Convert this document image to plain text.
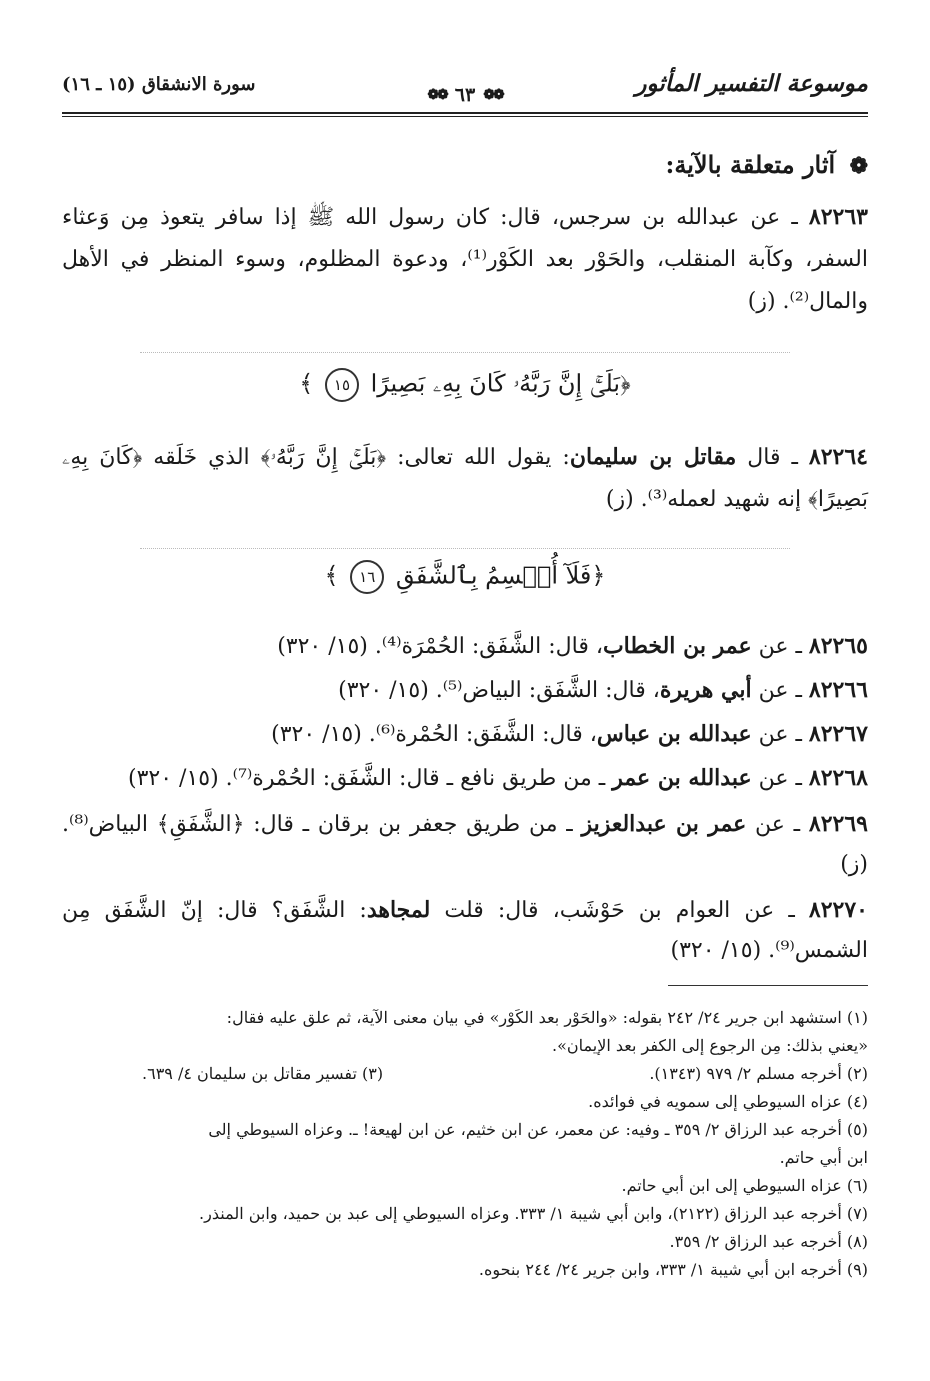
موسوعة التفسير المأثور
❁❁
٦٣
❁❁
سورة الانشقاق (١٥ ـ ١٦)
❁ آثار متعلقة بالآية:
٨٢٢٦٣ ـ عن عبدالله بن سرجس، قال: كان رسول الله ﷺ إذا سافر يتعوذ مِن وَعثاء السفر، وكآبة المنقلب، والحَوْر بعد الكَوْر⁽¹⁾، ودعوة المظلوم، وسوء المنظر في الأهل والمال⁽²⁾. (ز)
﴿بَلَىٰٓۚ إِنَّ رَبَّهُۥ كَانَ بِهِۦ بَصِيرًا ١٥ ﴾
٨٢٢٦٤ ـ قال مقاتل بن سليمان: يقول الله تعالى: ﴿بَلَىٰٓۚ إِنَّ رَبَّهُۥ﴾ الذي خَلَقه ﴿كَانَ بِهِۦ بَصِيرًا﴾ إنه شهيد لعمله⁽³⁾. (ز)
﴿فَلَآ أُقۡسِمُ بِٱلشَّفَقِ ١٦ ﴾
٨٢٢٦٥ ـ عن عمر بن الخطاب، قال: الشَّفَق: الحُمْرَة⁽⁴⁾. (١٥/ ٣٢٠)
٨٢٢٦٦ ـ عن أبي هريرة، قال: الشَّفَق: البياض⁽⁵⁾. (١٥/ ٣٢٠)
٨٢٢٦٧ ـ عن عبدالله بن عباس، قال: الشَّفَق: الحُمْرة⁽⁶⁾. (١٥/ ٣٢٠)
٨٢٢٦٨ ـ عن عبدالله بن عمر ـ من طريق نافع ـ قال: الشَّفَق: الحُمْرة⁽⁷⁾. (١٥/ ٣٢٠)
٨٢٢٦٩ ـ عن عمر بن عبدالعزيز ـ من طريق جعفر بن برقان ـ قال: ﴿الشَّفَقِ﴾ البياض⁽⁸⁾. (ز)
٨٢٢٧٠ ـ عن العوام بن حَوْشَب، قال: قلت لمجاهد: الشَّفَق؟ قال: إنّ الشَّفَق مِن الشمس⁽⁹⁾. (١٥/ ٣٢٠)
(١) استشهد ابن جرير ٢٤/ ٢٤٢ بقوله: «والحَوْر بعد الكَوْر» في بيان معنى الآية، ثم علق عليه فقال:
«يعني بذلك: مِن الرجوع إلى الكفر بعد الإيمان».
(٢) أخرجه مسلم ٢/ ٩٧٩ (١٣٤٣).
(٣) تفسير مقاتل بن سليمان ٤/ ٦٣٩.
(٤) عزاه السيوطي إلى سمويه في فوائده.
(٥) أخرجه عبد الرزاق ٢/ ٣٥٩ ـ وفيه: عن معمر، عن ابن خثيم، عن ابن لهيعة! ـ. وعزاه السيوطي إلى
ابن أبي حاتم.
(٦) عزاه السيوطي إلى ابن أبي حاتم.
(٧) أخرجه عبد الرزاق (٢١٢٢)، وابن أبي شيبة ١/ ٣٣٣. وعزاه السيوطي إلى عبد بن حميد، وابن المنذر.
(٨) أخرجه عبد الرزاق ٢/ ٣٥٩.
(٩) أخرجه ابن أبي شيبة ١/ ٣٣٣، وابن جرير ٢٤/ ٢٤٤ بنحوه.
